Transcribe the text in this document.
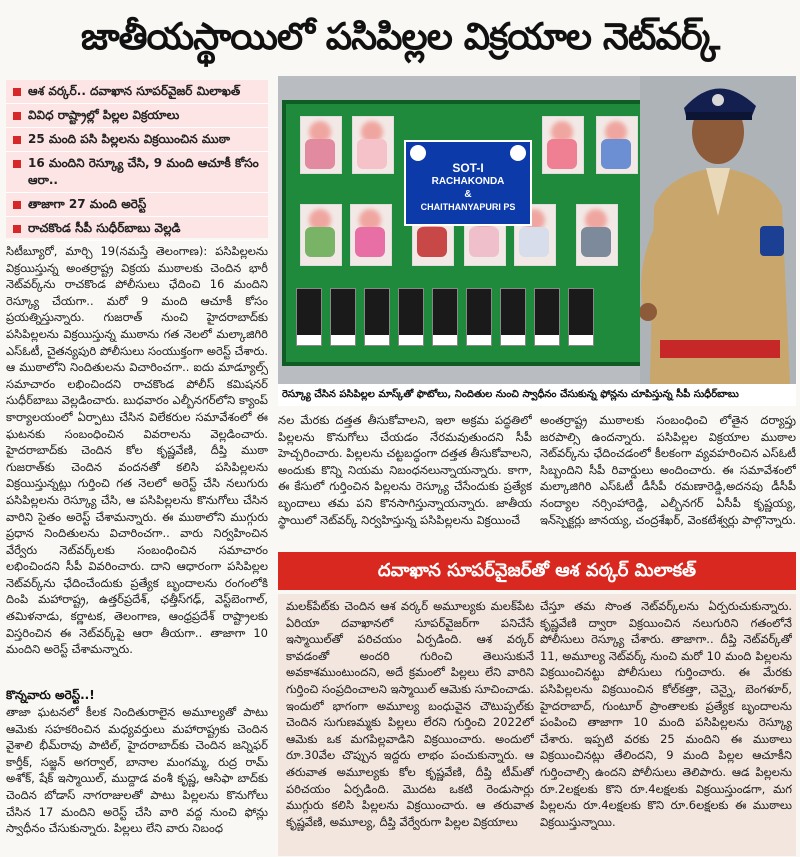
జాతీయస్థాయిలో పసిపిల్లల విక్రయాల నెట్‌వర్క్
ఆశ వర్కర్.. దవాఖాన సూపర్‌వైజర్ మిలాఖత్
వివిధ రాష్ట్రాల్లో పిల్లల విక్రయాలు
25 మంది పసి పిల్లలను విక్రయించిన ముఠా
16 మందిని రెస్క్యూ చేసి, 9 మంది ఆచూకీ కోసం ఆరా..
తాజాగా 27 మంది అరెస్ట్
రాచకొండ సీపీ సుధీర్‌బాబు వెల్లడి
SOT-I
RACHAKONDA
&
CHAITHANYAPURI PS
రెస్క్యూ చేసిన పసిపిల్లల మాస్క్‌తో ఫొటోలు, నిందితుల నుంచి స్వాధీనం చేసుకున్న ఫోన్లను చూపిస్తున్న సీపీ సుధీర్‌బాబు
సిటీబ్యూరో, మార్చి 19(నమస్తే తెలంగాణ): పసిపిల్లలను విక్రయిస్తున్న అంతర్రాష్ట్ర విక్రయ ముఠాలకు చెందిన భారీ నెట్‌వర్క్‌ను రాచకొండ పోలీసులు ఛేదించి 16 మందిని రెస్క్యూ చేయగా.. మరో 9 మంది ఆచూకీ కోసం ప్రయత్నిస్తున్నారు. గుజరాత్ నుంచి హైదరాబాద్‌కు పసిపిల్లలను విక్రయిస్తున్న ముఠాను గత నెలలో మల్కాజిగిరి ఎస్‌ఓటీ, చైతన్యపురి పోలీసులు సంయుక్తంగా అరెస్ట్ చేశారు. ఆ ముఠాలోని నిందితులను విచారించగా.. ఐదు మాడ్యూల్స్ సమాచారం లభించిందని రాచకొండ పోలీస్ కమిషనర్ సుధీర్‌బాబు వెల్లడించారు. బుధవారం ఎల్బీనగర్‌లోని క్యాంప్ కార్యాలయంలో ఏర్పాటు చేసిన విలేకరుల సమావేశంలో ఈ ఘటనకు సంబంధించిన వివరాలను వెల్లడించారు. హైదరాబాద్‌కు చెందిన కోల కృష్ణవేణి, దీప్తి ముఠా గుజరాత్‌కు చెందిన వందనతో కలిసి పసిపిల్లలను విక్రయిస్తున్నట్లు గుర్తించి గత నెలలో అరెస్ట్ చేసి నలుగురు పసిపిల్లలను రెస్క్యూ చేసి, ఆ పసిపిల్లలను కొనుగోలు చేసిన వారిని సైతం అరెస్ట్ చేశామన్నారు. ఈ ముఠాలోని ముగ్గురు ప్రధాన నిందితులను విచారించగా.. వారు నిర్వహించిన వేర్వేరు నెట్‌వర్క్‌లకు సంబంధించిన సమాచారం లభించిందని సీపీ వివరించారు. దాని ఆధారంగా పసిపిల్లల నెట్‌వర్క్‌ను ఛేదించేందుకు ప్రత్యేక బృందాలను రంగంలోకి దింపి మహారాష్ట్ర, ఉత్తర్‌ప్రదేశ్, ఛత్తీస్‌గఢ్, వెస్ట్‌బెంగాల్, తమిళనాడు, కర్ణాటక, తెలంగాణ, ఆంధ్రప్రదేశ్ రాష్ట్రాలకు విస్తరించిన ఈ నెట్‌వర్క్‌పై ఆరా తీయగా.. తాజాగా 10 మందిని అరెస్ట్ చేశామన్నారు.
కొన్నవారు అరెస్ట్..!
తాజా ఘటనలో కీలక నిందితురాలైన అమూల్యతో పాటు ఆమెకు సహకరించిన మధ్యవర్తులు మహారాష్ట్రకు చెందిన వైశాలి భీమ్‌రావు పాటిల్, హైదరాబాద్‌కు చెందిన జన్నిఫర్ కార్తీక్, సజ్జన్ అగర్వాల్, బానాల మంగమ్మ, రుద్ర రామ్ అశోక్, షేక్ ఇస్మాయిల్, ముద్దాడ వంశీ కృష్ణ, ఆసిఫా బాద్‌కు చెందిన బోడాస్ నాగరాజులతో పాటు పిల్లలను కొనుగోలు చేసిన 17 మందిని అరెస్ట్ చేసి వారి వద్ద నుంచి ఫోన్లు స్వాధీనం చేసుకున్నారు. పిల్లలు లేని వారు నిబంధ
నల మేరకు దత్తత తీసుకోవాలని, ఇలా అక్రమ పద్ధతిలో పిల్లలను కొనుగోలు చేయడం నేరమవుతుందని సీపీ హెచ్చరించారు. పిల్లలను చట్టబద్ధంగా దత్తత తీసుకోవాలని, అందుకు కొన్ని నియమ నిబంధనలున్నాయన్నారు. కాగా, ఈ కేసులో గుర్తించిన పిల్లలను రెస్క్యూ చేసేందుకు ప్రత్యేక బృందాలు తమ పని కొనసాగిస్తున్నాయన్నారు. జాతీయ స్థాయిలో నెట్‌వర్క్ నిర్వహిస్తున్న పసిపిల్లలను విక్రయించే
అంతర్రాష్ట్ర ముఠాలకు సంబంధించి లోతైన దర్యాప్తు జరపాల్సి ఉందన్నారు. పసిపిల్లల విక్రయాల ముఠాల నెట్‌వర్క్‌ను ఛేదించడంలో కీలకంగా వ్యవహరించిన ఎస్‌ఓటీ సిబ్బందిని సీపీ రివార్డులు అందించారు. ఈ సమావేశంలో మల్కాజిగిరి ఎస్‌ఓటీ డీసీపీ రమణారెడ్డి,అదనపు డీసీపీ నంద్యాల నర్సింహారెడ్డి, ఎల్బీనగర్ ఏసీపీ కృష్ణయ్య, ఇన్‌స్పెక్టర్లు జానయ్య, చంద్రశేఖర్, వెంకటేశ్వర్లు పాల్గొన్నారు.
దవాఖాన సూపర్‌వైజర్‌తో ఆశ వర్కర్ మిలాకత్
మలక్‌పేట్‌కు చెందిన ఆశ వర్కర్ అమూల్యకు మలక్‌పేట ఏరియా దవాఖానలో సూపర్‌వైజర్‌గా పనిచేసే ఇస్మాయిల్‌తో పరిచయం ఏర్పడింది. ఆశ వర్కర్ కావడంతో అందరి గురించి తెలుసుకునే అవకాశముంటుందని, అదే క్రమంలో పిల్లలు లేని వారిని గుర్తించి సంప్రదించాలని ఇస్మాయిల్ ఆమెకు సూచించాడు. ఇందులో భాగంగా అమూల్య బంధువైన చౌటుప్పల్‌కు చెందిన సుగుణమ్మకు పిల్లలు లేరని గుర్తించి 2022లో ఆమెకు ఒక మగపిల్లవాడిని విక్రయించారు. అందులో రూ.30వేల చొప్పున ఇద్దరు లాభం పంచుకున్నారు. ఆ తరువాత అమూల్యకు కోల కృష్ణవేణి, దీప్తి టీమ్‌తో పరిచయం ఏర్పడింది. మొదట ఒకటి రెండుసార్లు ముగ్గురు కలిసి పిల్లలను విక్రయించారు. ఆ తరువాత కృష్ణవేణి, అమూల్య, దీప్తి వేర్వేరుగా పిల్లల విక్రయాలు
చేస్తూ తమ సొంత నెట్‌వర్క్‌లను ఏర్పరుచుకున్నారు. కృష్ణవేణి ద్వారా విక్రయించిన నలుగురిని గతంలోనే పోలీసులు రెస్క్యూ చేశారు. తాజాగా.. దీప్తి నెట్‌వర్క్‌తో 11, అమూల్య నెట్‌వర్క్ నుంచి మరో 10 మంది పిల్లలను విక్రయించినట్టు పోలీసులు గుర్తించారు. ఈ మేరకు పసిపిల్లలను విక్రయించిన కోల్‌కత్తా, చెన్నై, బెంగళూర్, హైదరాబాద్, గుంటూర్ ప్రాంతాలకు ప్రత్యేక బృందాలను పంపించి తాజాగా 10 మంది పసిపిల్లలను రెస్క్యూ చేశారు. ఇప్పటి వరకు 25 మందిని ఈ ముఠాలు విక్రయించినట్లు తేలిందని, 9 మంది పిల్లల ఆచూకీని గుర్తించాల్సి ఉందని పోలీసులు తెలిపారు. ఆడ పిల్లలను రూ.2లక్షలకు కొని రూ.4లక్షలకు విక్రయిస్తుండగా, మగ పిల్లలను రూ.4లక్షలకు కొని రూ.6లక్షలకు ఈ ముఠాలు విక్రయిస్తున్నాయి.
